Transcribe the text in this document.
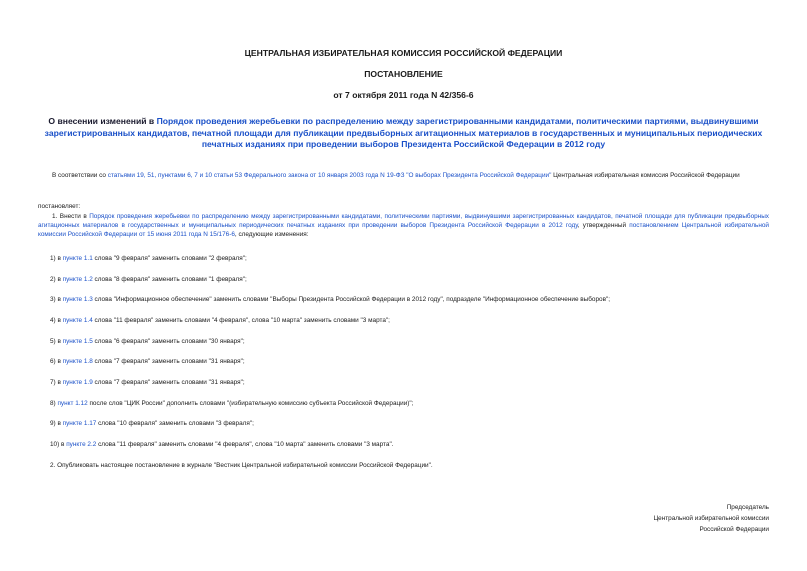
ЦЕНТРАЛЬНАЯ ИЗБИРАТЕЛЬНАЯ КОМИССИЯ РОССИЙСКОЙ ФЕДЕРАЦИИ
ПОСТАНОВЛЕНИЕ
от 7 октября 2011 года N 42/356-6
О внесении изменений в Порядок проведения жеребьевки по распределению между зарегистрированными кандидатами, политическими партиями, выдвинувшими зарегистрированных кандидатов, печатной площади для публикации предвыборных агитационных материалов в государственных и муниципальных периодических печатных изданиях при проведении выборов Президента Российской Федерации в 2012 году
В соответствии со статьями 19, 51, пунктами 6, 7 и 10 статьи 53 Федерального закона от 10 января 2003 года N 19-ФЗ "О выборах Президента Российской Федерации" Центральная избирательная комиссия Российской Федерации
постановляет:
1. Внести в Порядок проведения жеребьевки по распределению между зарегистрированными кандидатами, политическими партиями, выдвинувшими зарегистрированных кандидатов, печатной площади для публикации предвыборных агитационных материалов в государственных и муниципальных периодических печатных изданиях при проведении выборов Президента Российской Федерации в 2012 году, утвержденный постановлением Центральной избирательной комиссии Российской Федерации от 15 июня 2011 года N 15/176-6, следующие изменения:
1) в пункте 1.1 слова "9 февраля" заменить словами "2 февраля";
2) в пункте 1.2 слова "8 февраля" заменить словами "1 февраля";
3) в пункте 1.3 слова "Информационное обеспечение" заменить словами "Выборы Президента Российской Федерации в 2012 году", подразделе "Информационное обеспечение выборов";
4) в пункте 1.4 слова "11 февраля" заменить словами "4 февраля", слова "10 марта" заменить словами "3 марта";
5) в пункте 1.5 слова "6 февраля" заменить словами "30 января";
6) в пункте 1.8 слова "7 февраля" заменить словами "31 января";
7) в пункте 1.9 слова "7 февраля" заменить словами "31 января";
8) пункт 1.12 после слов "ЦИК России" дополнить словами "(избирательную комиссию субъекта Российской Федерации)";
9) в пункте 1.17 слова "10 февраля" заменить словами "3 февраля";
10) в пункте 2.2 слова "11 февраля" заменить словами "4 февраля", слова "10 марта" заменить словами "3 марта".
2. Опубликовать настоящее постановление в журнале "Вестник Центральной избирательной комиссии Российской Федерации".
Председатель
Центральной избирательной комиссии
Российской Федерации
